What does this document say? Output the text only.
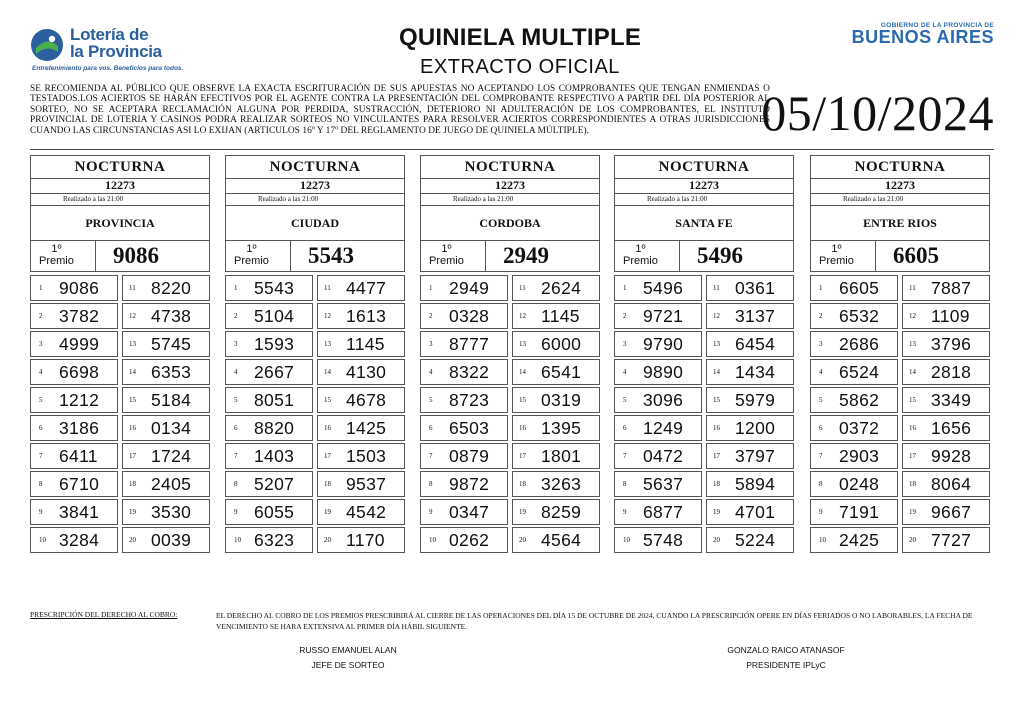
Lotería de
la Provincia
Entretenimiento para vos. Beneficios para todos.
QUINIELA MULTIPLE
EXTRACTO OFICIAL
GOBIERNO DE LA PROVINCIA DE
BUENOS AIRES
SE RECOMIENDA AL PÚBLICO QUE OBSERVE LA EXACTA ESCRITURACIÓN DE SUS APUESTAS NO ACEPTANDO LOS COMPROBANTES QUE TENGAN ENMIENDAS O TESTADOS.LOS ACIERTOS SE HARÁN EFECTIVOS POR EL AGENTE CONTRA LA PRESENTACIÓN DEL COMPROBANTE RESPECTIVO A PARTIR DEL DÍA POSTERIOR AL SORTEO, NO SE ACEPTARA RECLAMACIÓN ALGUNA POR PERDIDA, SUSTRACCIÓN, DETERIORO NI ADULTERACIÓN DE LOS COMPROBANTES, EL INSTITUTO PROVINCIAL DE LOTERIA Y CASINOS PODRA REALIZAR SORTEOS NO VINCULANTES PARA RESOLVER ACIERTOS CORRESPONDIENTES A OTRAS JURISDICCIONES CUANDO LAS CIRCUNSTANCIAS ASI LO EXIJAN (ARTICULOS 16º Y 17º DEL REGLAMENTO DE JUEGO DE QUINIELA MÚLTIPLE).	05/10/2024
NOCTURNA
12273
Realizado a las 21:00
PROVINCIA
1º
Premio 9086
1 9086	11 8220
2 3782	12 4738
3 4999	13 5745
4 6698	14 6353
5 1212	15 5184
6 3186	16 0134
7 6411	17 1724
8 6710	18 2405
9 3841	19 3530
10 3284	20 0039
NOCTURNA
12273
Realizado a las 21:00
CIUDAD
1º
Premio 5543
1 5543	11 4477
2 5104	12 1613
3 1593	13 1145
4 2667	14 4130
5 8051	15 4678
6 8820	16 1425
7 1403	17 1503
8 5207	18 9537
9 6055	19 4542
10 6323	20 1170
NOCTURNA
12273
Realizado a las 21:00
CORDOBA
1º
Premio 2949
1 2949	11 2624
2 0328	12 1145
3 8777	13 6000
4 8322	14 6541
5 8723	15 0319
6 6503	16 1395
7 0879	17 1801
8 9872	18 3263
9 0347	19 8259
10 0262	20 4564
NOCTURNA
12273
Realizado a las 21:00
SANTA FE
1º
Premio 5496
1 5496	11 0361
2 9721	12 3137
3 9790	13 6454
4 9890	14 1434
5 3096	15 5979
6 1249	16 1200
7 0472	17 3797
8 5637	18 5894
9 6877	19 4701
10 5748	20 5224
NOCTURNA
12273
Realizado a las 21:00
ENTRE RIOS
1º
Premio 6605
1 6605	11 7887
2 6532	12 1109
3 2686	13 3796
4 6524	14 2818
5 5862	15 3349
6 0372	16 1656
7 2903	17 9928
8 0248	18 8064
9 7191	19 9667
10 2425	20 7727
PRESCRIPCIÓN DEL DERECHO AL COBRO:	EL DERECHO AL COBRO DE LOS PREMIOS PRESCRIBIRÁ AL CIERRE DE LAS OPERACIONES DEL DÍA 15 DE OCTUBRE DE 2024, CUANDO LA PRESCRIPCIÓN OPERE EN DÍAS FERIADOS O NO LABORABLES, LA FECHA DE VENCIMIENTO SE HARA EXTENSIVA AL PRIMER DÍA HÁBIL SIGUIENTE.
RUSSO EMANUEL ALAN
JEFE DE SORTEO
GONZALO RAICO ATANASOF
PRESIDENTE IPLyC
